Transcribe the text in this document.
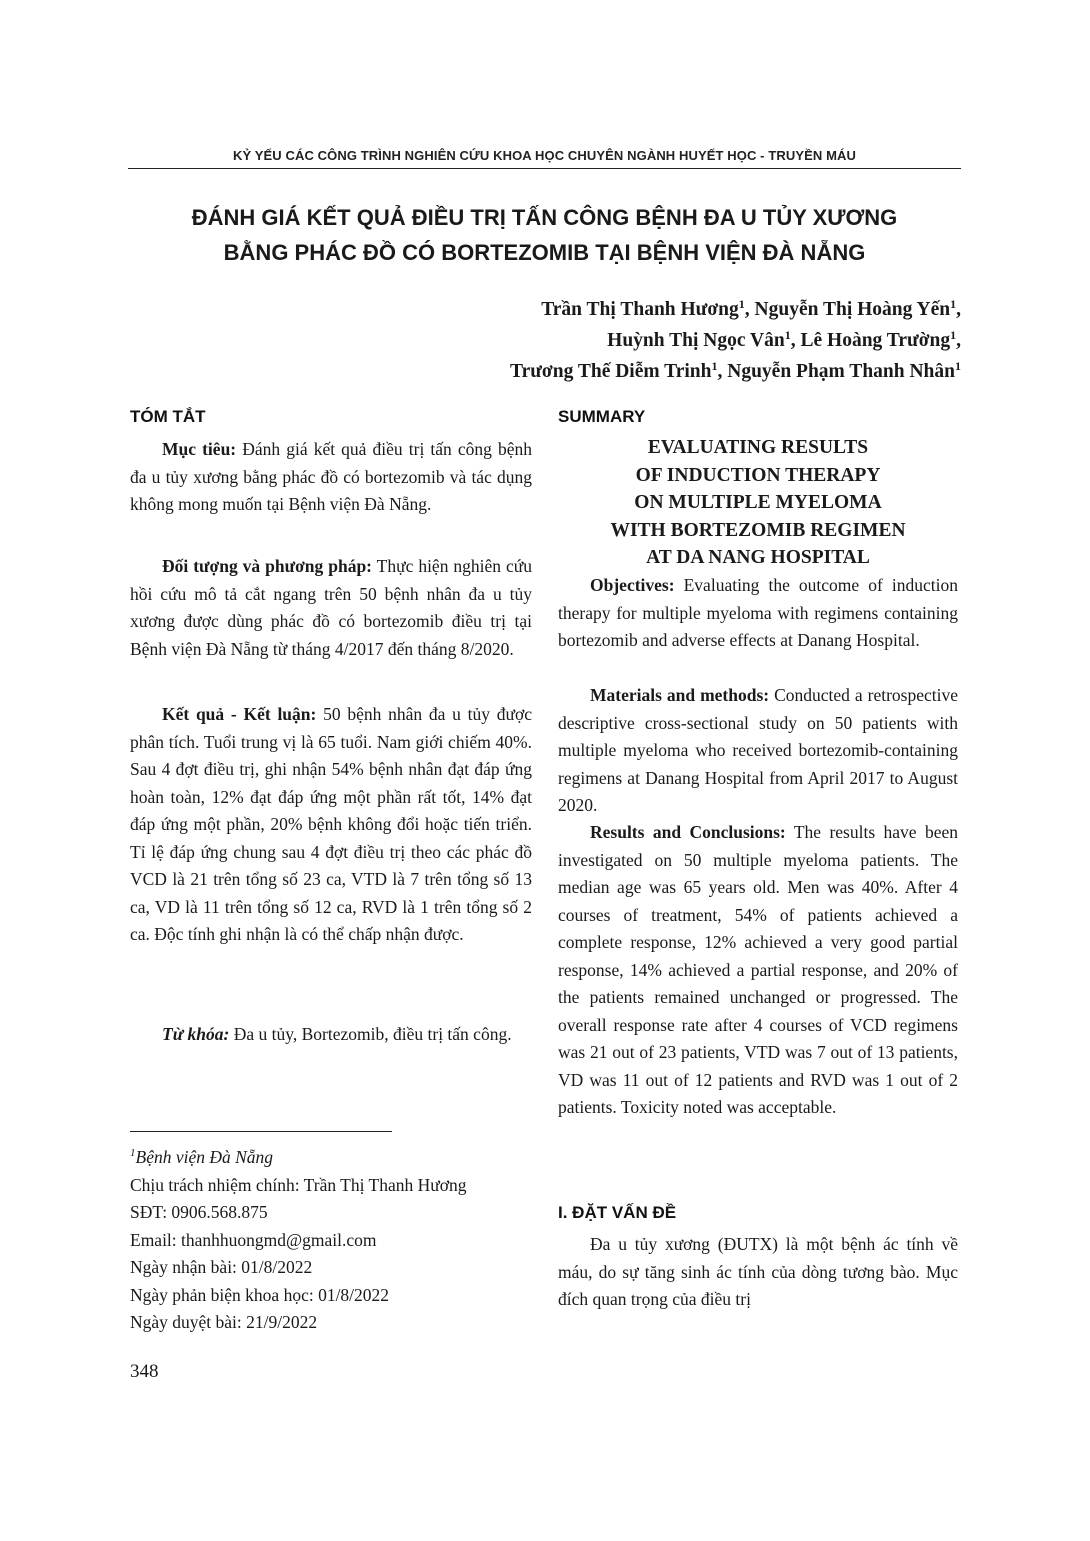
KỶ YẾU CÁC CÔNG TRÌNH NGHIÊN CỨU KHOA HỌC CHUYÊN NGÀNH HUYẾT HỌC - TRUYỀN MÁU
ĐÁNH GIÁ KẾT QUẢ ĐIỀU TRỊ TẤN CÔNG BỆNH ĐA U TỦY XƯƠNG
BẰNG PHÁC ĐỒ CÓ BORTEZOMIB TẠI BỆNH VIỆN ĐÀ NẴNG
Trần Thị Thanh Hương$^1$, Nguyễn Thị Hoàng Yến$^1$,
Huỳnh Thị Ngọc Vân$^1$, Lê Hoàng Trường$^1$,
Trương Thế Diễm Trinh$^1$, Nguyễn Phạm Thanh Nhân$^1$
TÓM TẮT
Mục tiêu: Đánh giá kết quả điều trị tấn công bệnh đa u tủy xương bằng phác đồ có bortezomib và tác dụng không mong muốn tại Bệnh viện Đà Nẵng.
Đối tượng và phương pháp: Thực hiện nghiên cứu hồi cứu mô tả cắt ngang trên 50 bệnh nhân đa u tủy xương được dùng phác đồ có bortezomib điều trị tại Bệnh viện Đà Nẵng từ tháng 4/2017 đến tháng 8/2020.
Kết quả - Kết luận: 50 bệnh nhân đa u tủy được phân tích. Tuổi trung vị là 65 tuổi. Nam giới chiếm 40%. Sau 4 đợt điều trị, ghi nhận 54% bệnh nhân đạt đáp ứng hoàn toàn, 12% đạt đáp ứng một phần rất tốt, 14% đạt đáp ứng một phần, 20% bệnh không đổi hoặc tiến triển. Tỉ lệ đáp ứng chung sau 4 đợt điều trị theo các phác đồ VCD là 21 trên tổng số 23 ca, VTD là 7 trên tổng số 13 ca, VD là 11 trên tổng số 12 ca, RVD là 1 trên tổng số 2 ca. Độc tính ghi nhận là có thể chấp nhận được.
Từ khóa: Đa u tủy, Bortezomib, điều trị tấn công.
$^1$Bệnh viện Đà Nẵng
Chịu trách nhiệm chính: Trần Thị Thanh Hương
SĐT: 0906.568.875
Email: thanhhuongmd@gmail.com
Ngày nhận bài: 01/8/2022
Ngày phản biện khoa học: 01/8/2022
Ngày duyệt bài: 21/9/2022
348
SUMMARY
EVALUATING RESULTS
OF INDUCTION THERAPY
ON MULTIPLE MYELOMA
WITH BORTEZOMIB REGIMEN
AT DA NANG HOSPITAL
Objectives: Evaluating the outcome of induction therapy for multiple myeloma with regimens containing bortezomib and adverse effects at Danang Hospital.
Materials and methods: Conducted a retrospective descriptive cross-sectional study on 50 patients with multiple myeloma who received bortezomib-containing regimens at Danang Hospital from April 2017 to August 2020.
Results and Conclusions: The results have been investigated on 50 multiple myeloma patients. The median age was 65 years old. Men was 40%. After 4 courses of treatment, 54% of patients achieved a complete response, 12% achieved a very good partial response, 14% achieved a partial response, and 20% of the patients remained unchanged or progressed. The overall response rate after 4 courses of VCD regimens was 21 out of 23 patients, VTD was 7 out of 13 patients, VD was 11 out of 12 patients and RVD was 1 out of 2 patients. Toxicity noted was acceptable.
I. ĐẶT VẤN ĐỀ
Đa u tủy xương (ĐUTX) là một bệnh ác tính về máu, do sự tăng sinh ác tính của dòng tương bào. Mục đích quan trọng của điều trị
